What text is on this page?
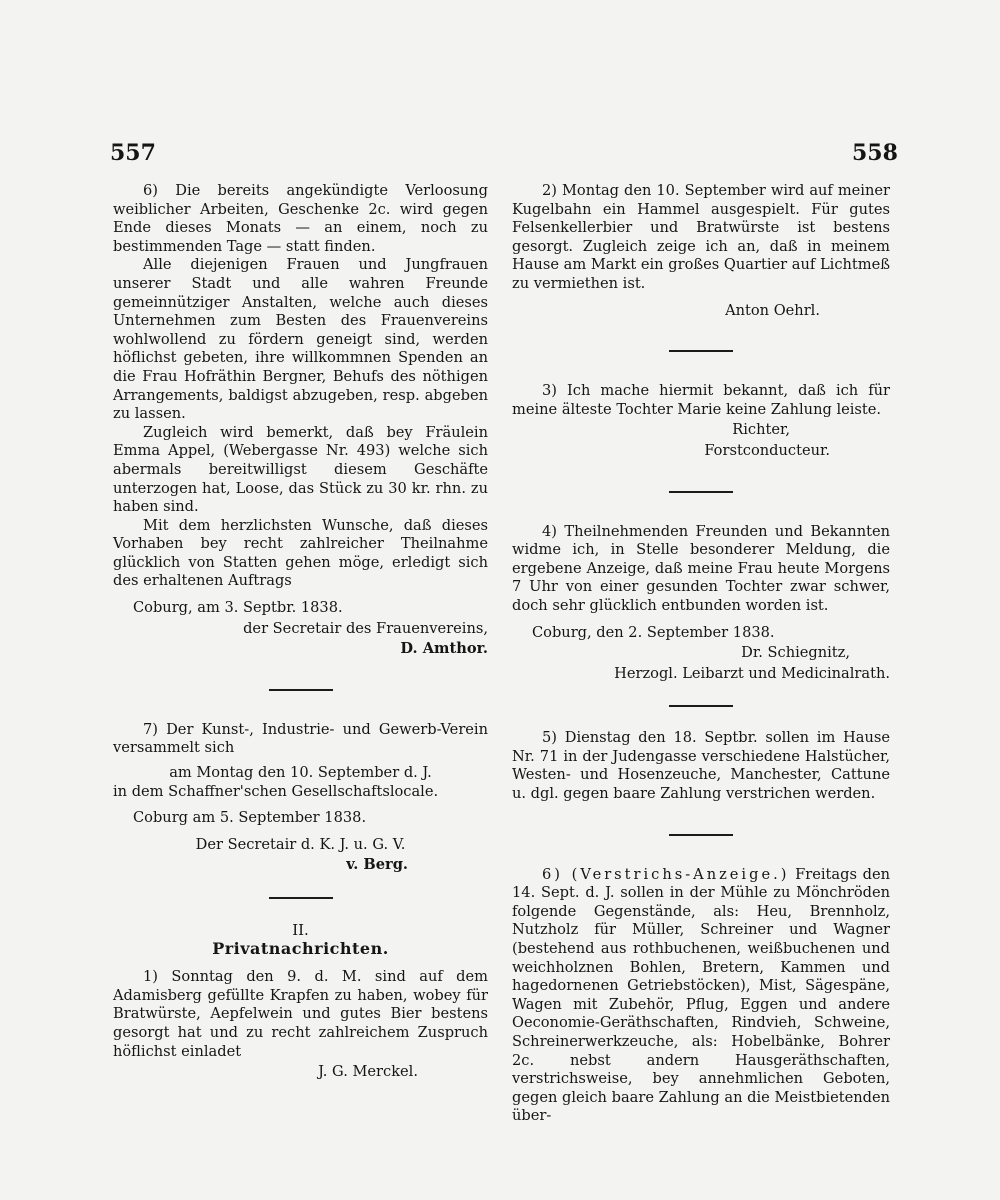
557	558

6) Die bereits angekündigte Verloosung weiblicher Arbeiten, Geschenke 2c. wird gegen Ende dieses Monats — an einem, noch zu bestimmenden Tage — statt finden.

Alle diejenigen Frauen und Jungfrauen unserer Stadt und alle wahren Freunde gemeinnütziger Anstalten, welche auch dieses Unternehmen zum Besten des Frauenvereins wohlwollend zu fördern geneigt sind, werden höflichst gebeten, ihre willkommnen Spenden an die Frau Hofräthin Bergner, Behufs des nöthigen Arrangements, baldigst abzugeben, resp. abgeben zu lassen.

Zugleich wird bemerkt, daß bey Fräulein Emma Appel, (Webergasse Nr. 493) welche sich abermals bereitwilligst diesem Geschäfte unterzogen hat, Loose, das Stück zu 30 kr. rhn. zu haben sind.

Mit dem herzlichsten Wunsche, daß dieses Vorhaben bey recht zahlreicher Theilnahme glücklich von Statten gehen möge, erledigt sich des erhaltenen Auftrags

Coburg, am 3. Septbr. 1838.

der Secretair des Frauenvereins,
D. Amthor.

7) Der Kunst-, Industrie- und Gewerb-Verein versammelt sich

am Montag den 10. September d. J.

in dem Schaffner'schen Gesellschaftslocale.

Coburg am 5. September 1838.

Der Secretair d. K. J. u. G. V.
v. Berg.
II.
Privatnachrichten.

1) Sonntag den 9. d. M. sind auf dem Adamisberg gefüllte Krapfen zu haben, wobey für Bratwürste, Aepfelwein und gutes Bier bestens gesorgt hat und zu recht zahlreichem Zuspruch höflichst einladet

J. G. Merckel.

2) Montag den 10. September wird auf meiner Kugelbahn ein Hammel ausgespielt. Für gutes Felsenkellerbier und Bratwürste ist bestens gesorgt. Zugleich zeige ich an, daß in meinem Hause am Markt ein großes Quartier auf Lichtmeß zu vermiethen ist.

Anton Oehrl.

3) Ich mache hiermit bekannt, daß ich für meine älteste Tochter Marie keine Zahlung leiste.

Richter,
Forstconducteur.

4) Theilnehmenden Freunden und Bekannten widme ich, in Stelle besonderer Meldung, die ergebene Anzeige, daß meine Frau heute Morgens 7 Uhr von einer gesunden Tochter zwar schwer, doch sehr glücklich entbunden worden ist.

Coburg, den 2. September 1838.

Dr. Schiegnitz,
Herzogl. Leibarzt und Medicinalrath.

5) Dienstag den 18. Septbr. sollen im Hause Nr. 71 in der Judengasse verschiedene Halstücher, Westen- und Hosenzeuche, Manchester, Cattune u. dgl. gegen baare Zahlung verstrichen werden.

6) (Verstrichs-Anzeige.) Freitags den 14. Sept. d. J. sollen in der Mühle zu Mönchröden folgende Gegenstände, als: Heu, Brennholz, Nutzholz für Müller, Schreiner und Wagner (bestehend aus rothbuchenen, weißbuchenen und weichholznen Bohlen, Bretern, Kammen und hagedornenen Getriebstöcken), Mist, Sägespäne, Wagen mit Zubehör, Pflug, Eggen und andere Oeconomie-Geräthschaften, Rindvieh, Schweine, Schreinerwerkzeuche, als: Hobelbänke, Bohrer 2c. nebst andern Hausgeräthschaften, verstrichsweise, bey annehmlichen Geboten, gegen gleich baare Zahlung an die Meistbietenden über-
